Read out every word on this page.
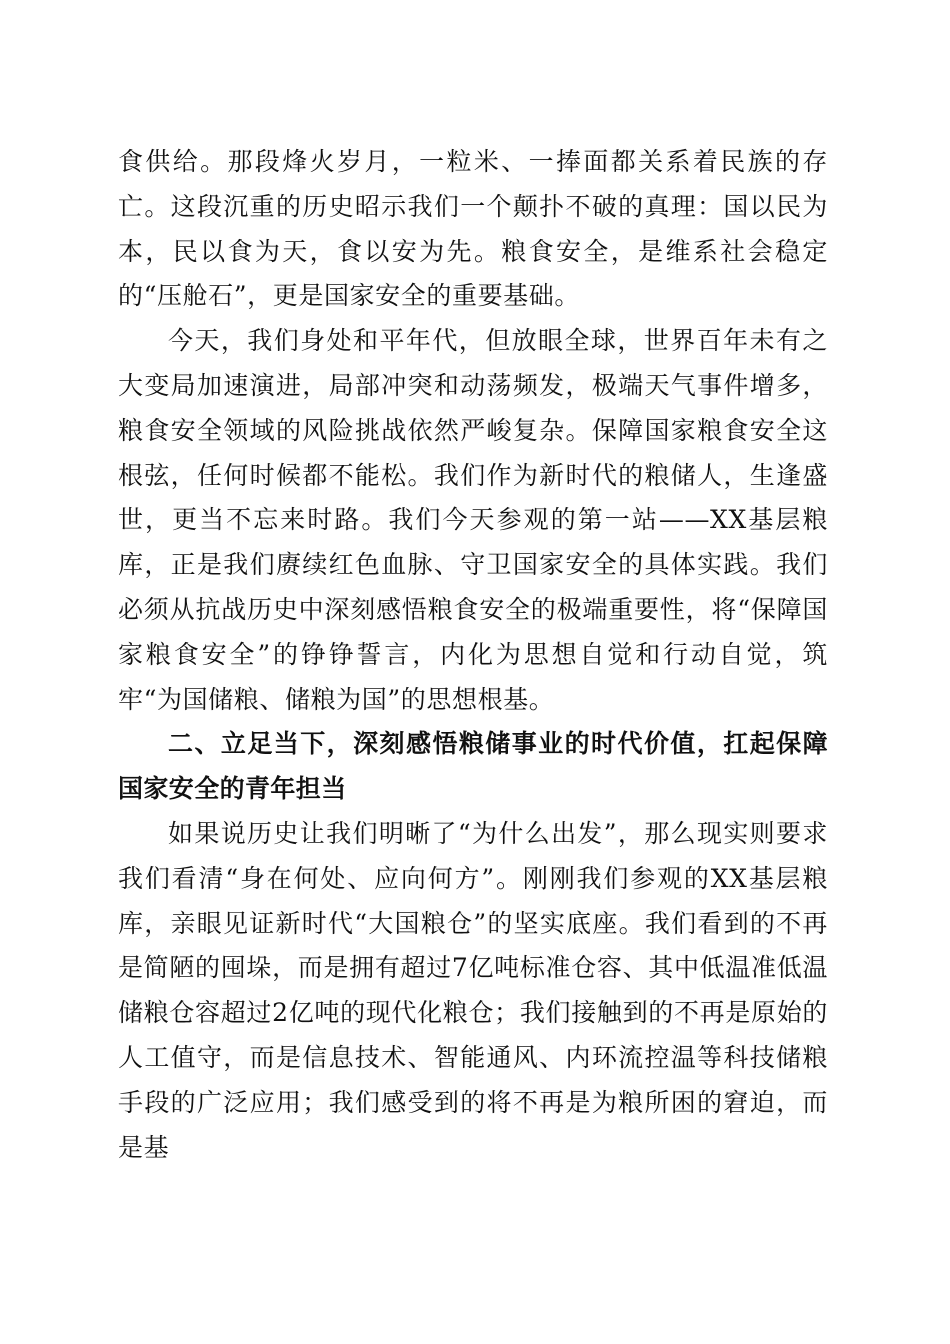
食供给。那段烽火岁月，一粒米、一捧面都关系着民族的存亡。这段沉重的历史昭示我们一个颠扑不破的真理：国以民为本，民以食为天，食以安为先。粮食安全，是维系社会稳定的“压舱石”，更是国家安全的重要基础。

今天，我们身处和平年代，但放眼全球，世界百年未有之大变局加速演进，局部冲突和动荡频发，极端天气事件增多，粮食安全领域的风险挑战依然严峻复杂。保障国家粮食安全这根弦，任何时候都不能松。我们作为新时代的粮储人，生逢盛世，更当不忘来时路。我们今天参观的第一站——XX基层粮库，正是我们赓续红色血脉、守卫国家安全的具体实践。我们必须从抗战历史中深刻感悟粮食安全的极端重要性，将“保障国家粮食安全”的铮铮誓言，内化为思想自觉和行动自觉，筑牢“为国储粮、储粮为国”的思想根基。

二、立足当下，深刻感悟粮储事业的时代价值，扛起保障国家安全的青年担当

如果说历史让我们明晰了“为什么出发”，那么现实则要求我们看清“身在何处、应向何方”。刚刚我们参观的XX基层粮库，亲眼见证新时代“大国粮仓”的坚实底座。我们看到的不再是简陋的囤垛，而是拥有超过7亿吨标准仓容、其中低温准低温储粮仓容超过2亿吨的现代化粮仓；我们接触到的不再是原始的人工值守，而是信息技术、智能通风、内环流控温等科技储粮手段的广泛应用；我们感受到的将不再是为粮所困的窘迫，而是基
